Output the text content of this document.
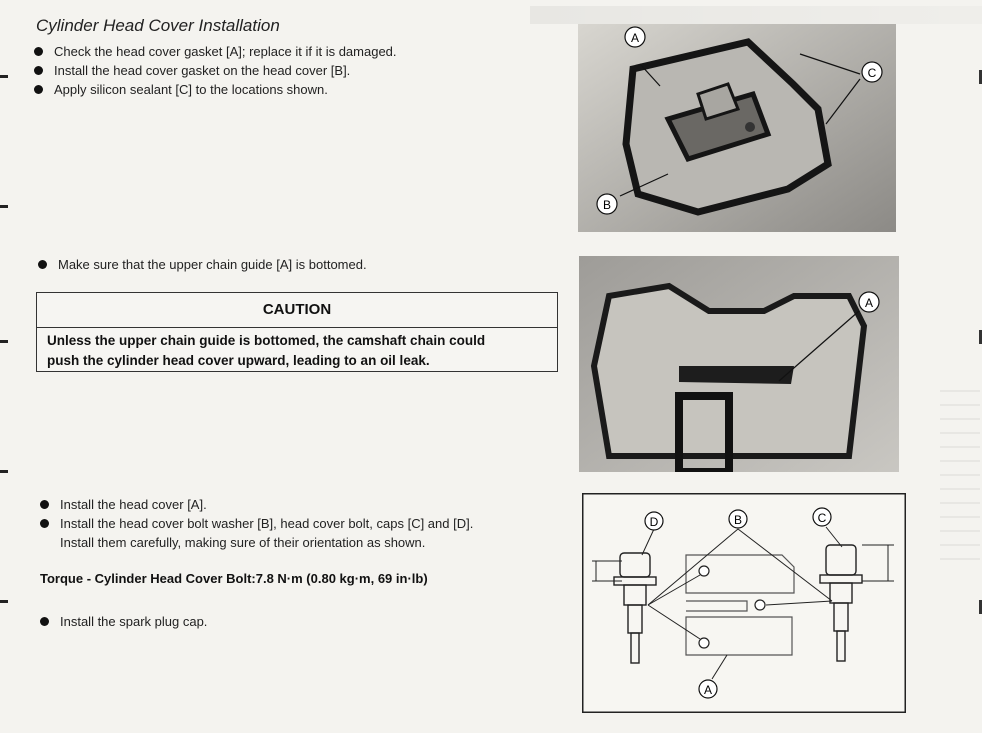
Cylinder Head Cover Installation
Check the head cover gasket [A]; replace it if it is damaged.
Install the head cover gasket on the head cover [B].
Apply silicon sealant [C] to the locations shown.
Make sure that the upper chain guide [A] is bottomed.
CAUTION
Unless the upper chain guide is bottomed, the camshaft chain could
push the cylinder head cover upward, leading to an oil leak.
Install the head cover [A].
Install the head cover bolt washer [B], head cover bolt, caps [C] and [D].
Install them carefully, making sure of their orientation as shown.
Torque - Cylinder Head Cover Bolt:7.8 N·m (0.80 kg·m, 69 in·lb)
Install the spark plug cap.
A
B
C
A
D	B	C
A
